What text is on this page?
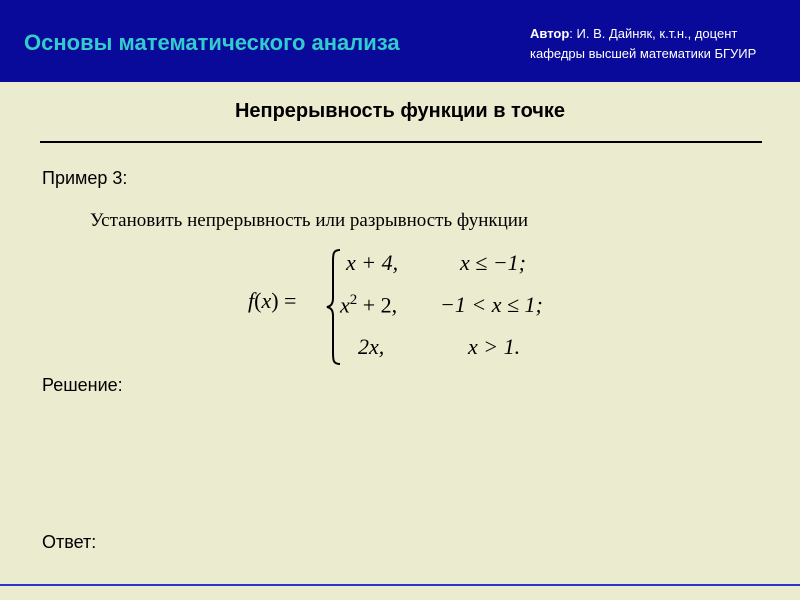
Основы математического анализа	Автор: И. В. Дайняк, к.т.н., доцент
кафедры высшей математики БГУИР
Непрерывность функции в точке
Пример 3:
Установить непрерывность или разрывность функции
f(x) =
x + 4,	x ≤ −1;
$x^2 + 2$, −1 < x ≤ 1;
2x,	x > 1.
Решение:
Ответ:
